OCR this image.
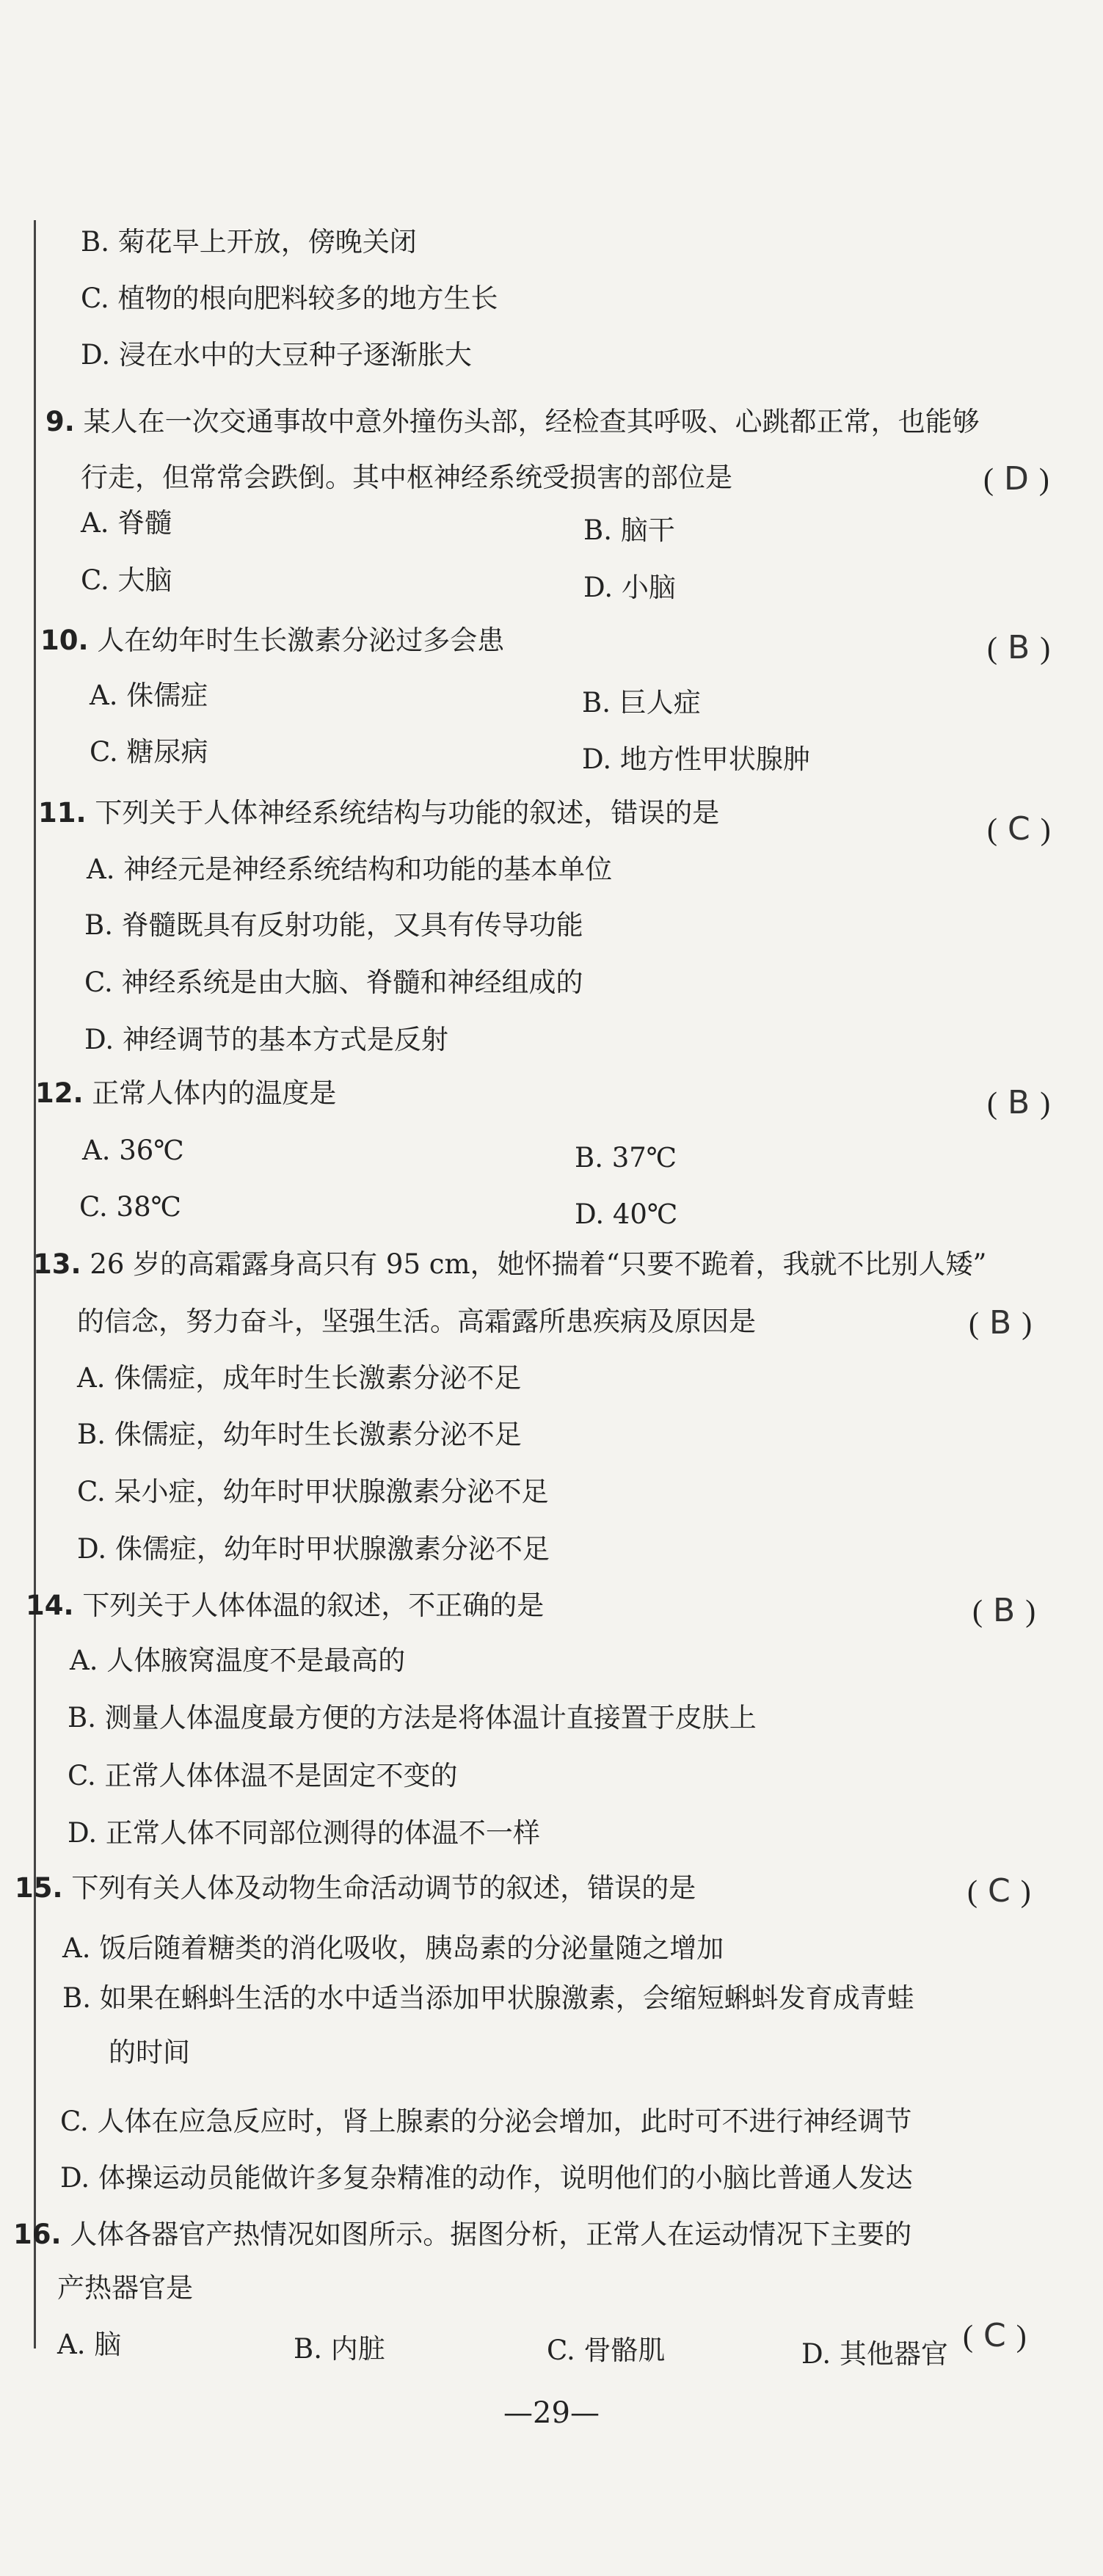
B. 菊花早上开放，傍晚关闭
C. 植物的根向肥料较多的地方生长
D. 浸在水中的大豆种子逐渐胀大
9. 某人在一次交通事故中意外撞伤头部，经检查其呼吸、心跳都正常，也能够
行走，但常常会跌倒。其中枢神经系统受损害的部位是	( D )
A. 脊髓	B. 脑干
C. 大脑	D. 小脑
10. 人在幼年时生长激素分泌过多会患	( B )
A. 侏儒症	B. 巨人症
C. 糖尿病	D. 地方性甲状腺肿
11. 下列关于人体神经系统结构与功能的叙述，错误的是
( C )
A. 神经元是神经系统结构和功能的基本单位
B. 脊髓既具有反射功能，又具有传导功能
C. 神经系统是由大脑、脊髓和神经组成的
D. 神经调节的基本方式是反射
12. 正常人体内的温度是	( B )
A. 36℃	B. 37℃
C. 38℃	D. 40℃
13. 26 岁的高霜露身高只有 95 cm，她怀揣着“只要不跪着，我就不比别人矮”
的信念，努力奋斗，坚强生活。高霜露所患疾病及原因是	( B )
A. 侏儒症，成年时生长激素分泌不足
B. 侏儒症，幼年时生长激素分泌不足
C. 呆小症，幼年时甲状腺激素分泌不足
D. 侏儒症，幼年时甲状腺激素分泌不足
14. 下列关于人体体温的叙述，不正确的是	( B )
A. 人体腋窝温度不是最高的
B. 测量人体温度最方便的方法是将体温计直接置于皮肤上
C. 正常人体体温不是固定不变的
D. 正常人体不同部位测得的体温不一样
15. 下列有关人体及动物生命活动调节的叙述，错误的是	( C )
A. 饭后随着糖类的消化吸收，胰岛素的分泌量随之增加
B. 如果在蝌蚪生活的水中适当添加甲状腺激素，会缩短蝌蚪发育成青蛙
的时间
C. 人体在应急反应时，肾上腺素的分泌会增加，此时可不进行神经调节
D. 体操运动员能做许多复杂精准的动作，说明他们的小脑比普通人发达
16. 人体各器官产热情况如图所示。据图分析，正常人在运动情况下主要的
产热器官是
( C )
A. 脑	B. 内脏	C. 骨骼肌	D. 其他器官
—29—
